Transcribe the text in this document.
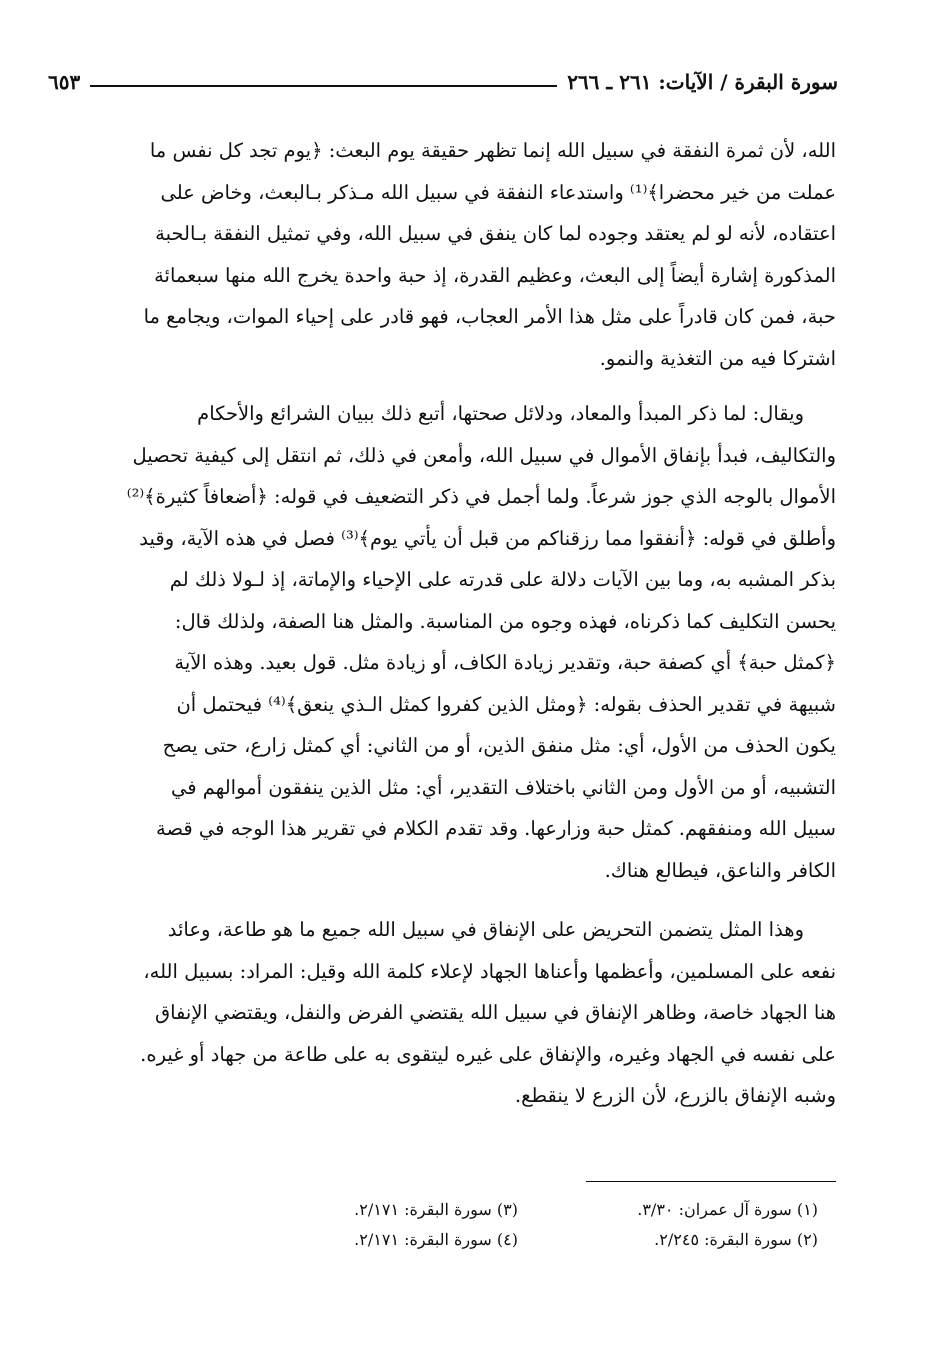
سورة البقرة / الآيات: ٢٦١ ـ ٢٦٦
٦٥٣
الله، لأن ثمرة النفقة في سبيل الله إنما تظهر حقيقة يوم البعث: ﴿يوم تجد كل نفس ما
عملت من خير محضرا﴾⁽¹⁾ واستدعاء النفقة في سبيل الله مـذكر بـالبعث، وخاض على
اعتقاده، لأنه لو لم يعتقد وجوده لما كان ينفق في سبيل الله، وفي تمثيل النفقة بـالحبة
المذكورة إشارة أيضاً إلى البعث، وعظيم القدرة، إذ حبة واحدة يخرج الله منها سبعمائة
حبة، فمن كان قادراً على مثل هذا الأمر العجاب، فهو قادر على إحياء الموات، ويجامع ما
اشتركا فيه من التغذية والنمو.
ويقال: لما ذكر المبدأ والمعاد، ودلائل صحتها، أتبع ذلك ببيان الشرائع والأحكام
والتكاليف، فبدأ بإنفاق الأموال في سبيل الله، وأمعن في ذلك، ثم انتقل إلى كيفية تحصيل
الأموال بالوجه الذي جوز شرعاً. ولما أجمل في ذكر التضعيف في قوله: ﴿أضعافاً كثيرة﴾⁽²⁾
وأطلق في قوله: ﴿أنفقوا مما رزقناكم من قبل أن يأتي يوم﴾⁽³⁾ فصل في هذه الآية، وقيد
بذكر المشبه به، وما بين الآيات دلالة على قدرته على الإحياء والإماتة، إذ لـولا ذلك لم
يحسن التكليف كما ذكرناه، فهذه وجوه من المناسبة. والمثل هنا الصفة، ولذلك قال:
﴿كمثل حبة﴾ أي كصفة حبة، وتقدير زيادة الكاف، أو زيادة مثل. قول بعيد. وهذه الآية
شبيهة في تقدير الحذف بقوله: ﴿ومثل الذين كفروا كمثل الـذي ينعق﴾⁽⁴⁾ فيحتمل أن
يكون الحذف من الأول، أي: مثل منفق الذين، أو من الثاني: أي كمثل زارع، حتى يصح
التشبيه، أو من الأول ومن الثاني باختلاف التقدير، أي: مثل الذين ينفقون أموالهم في
سبيل الله ومنفقهم. كمثل حبة وزارعها. وقد تقدم الكلام في تقرير هذا الوجه في قصة
الكافر والناعق، فيطالع هناك.
وهذا المثل يتضمن التحريض على الإنفاق في سبيل الله جميع ما هو طاعة، وعائد
نفعه على المسلمين، وأعظمها وأعناها الجهاد لإعلاء كلمة الله وقيل: المراد: بسبيل الله،
هنا الجهاد خاصة، وظاهر الإنفاق في سبيل الله يقتضي الفرض والنفل، ويقتضي الإنفاق
على نفسه في الجهاد وغيره، والإنفاق على غيره ليتقوى به على طاعة من جهاد أو غيره.
وشبه الإنفاق بالزرع، لأن الزرع لا ينقطع.
(١) سورة آل عمران: ٣/٣٠.
(٢) سورة البقرة: ٢/٢٤٥.
(٣) سورة البقرة: ٢/١٧١.
(٤) سورة البقرة: ٢/١٧١.
